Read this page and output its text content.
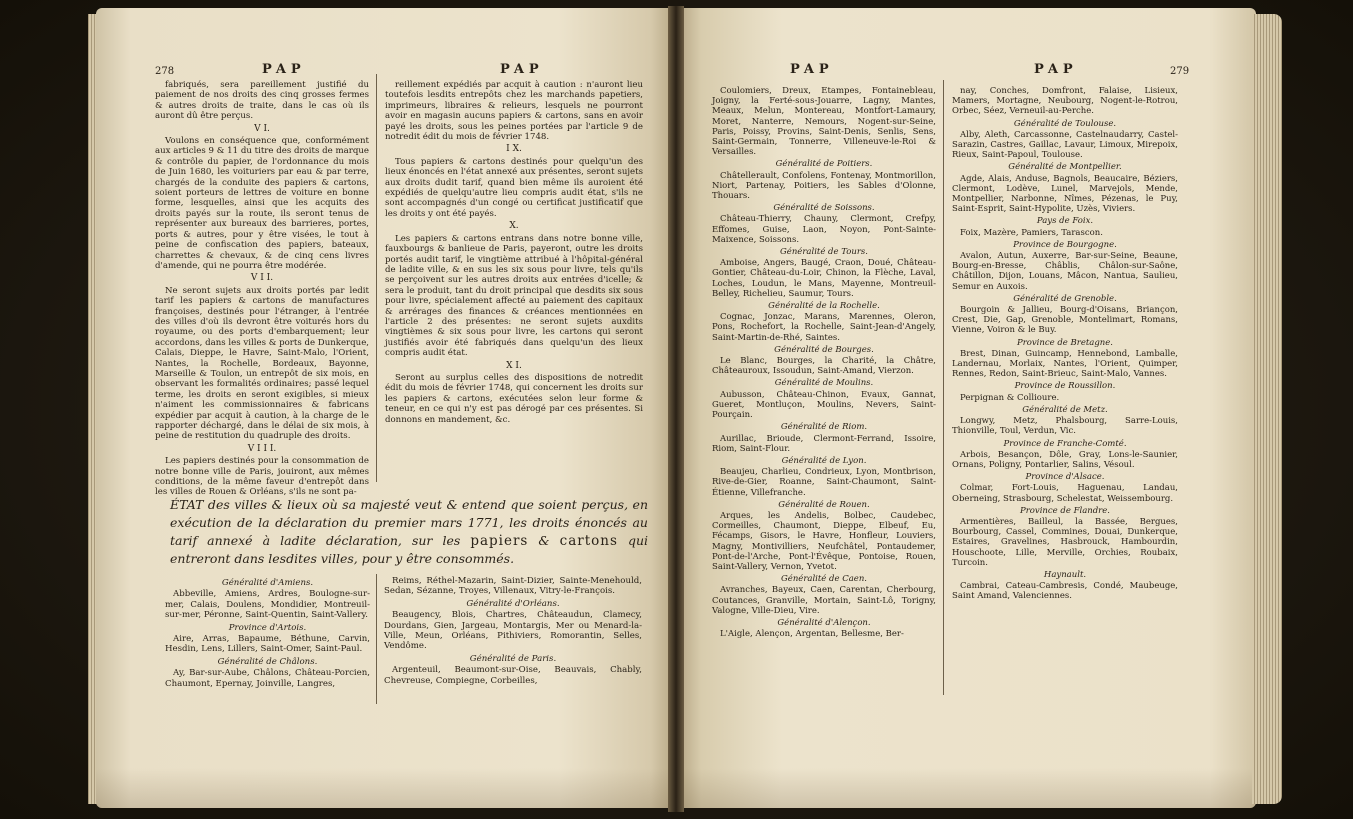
278	PAP	PAP

fabriqués, sera pareillement justifié du paiement de nos droits des cinq grosses fermes & autres droits de traite, dans le cas où ils auront dû être perçus.

V I.

Voulons en conséquence que, conformément aux articles 9 & 11 du titre des droits de marque & contrôle du papier, de l'ordonnance du mois de Juin 1680, les voituriers par eau & par terre, chargés de la conduite des papiers & cartons, soient porteurs de lettres de voiture en bonne forme, lesquelles, ainsi que les acquits des droits payés sur la route, ils seront tenus de représenter aux bureaux des barrieres, portes, ports & autres, pour y être visées, le tout à peine de confiscation des papiers, bateaux, charrettes & chevaux, & de cinq cens livres d'amende, qui ne pourra être modérée.

V I I.

Ne seront sujets aux droits portés par ledit tarif les papiers & cartons de manufactures françoises, destinés pour l'étranger, à l'entrée des villes d'où ils devront être voiturés hors du royaume, ou des ports d'embarquement; leur accordons, dans les villes & ports de Dunkerque, Calais, Dieppe, le Havre, Saint-Malo, l'Orient, Nantes, la Rochelle, Bordeaux, Bayonne, Marseille & Toulon, un entrepôt de six mois, en observant les formalités ordinaires; passé lequel terme, les droits en seront exigibles, si mieux n'aiment les commissionnaires & fabricans expédier par acquit à caution, à la charge de le rapporter déchargé, dans le délai de six mois, à peine de restitution du quadruple des droits.

V I I I.

Les papiers destinés pour la consommation de notre bonne ville de Paris, jouiront, aux mêmes conditions, de la même faveur d'entrepôt dans les villes de Rouen & Orléans, s'ils ne sont pa-

reillement expédiés par acquit à caution : n'auront lieu toutefois lesdits entrepôts chez les marchands papetiers, imprimeurs, libraires & relieurs, lesquels ne pourront avoir en magasin aucuns papiers & cartons, sans en avoir payé les droits, sous les peines portées par l'article 9 de notredit édit du mois de février 1748.

I X.

Tous papiers & cartons destinés pour quelqu'un des lieux énoncés en l'état annexé aux présentes, seront sujets aux droits dudit tarif, quand bien même ils auroient été expédiés de quelqu'autre lieu compris audit état, s'ils ne sont accompagnés d'un congé ou certificat justificatif que les droits y ont été payés.

X.

Les papiers & cartons entrans dans notre bonne ville, fauxbourgs & banlieue de Paris, payeront, outre les droits portés audit tarif, le vingtième attribué à l'hôpital-général de ladite ville, & en sus les six sous pour livre, tels qu'ils se perçoivent sur les autres droits aux entrées d'icelle; & sera le produit, tant du droit principal que desdits six sous pour livre, spécialement affecté au paiement des capitaux & arrérages des finances & créances mentionnées en l'article 2 des présentes: ne seront sujets auxdits vingtièmes & six sous pour livre, les cartons qui seront justifiés avoir été fabriqués dans quelqu'un des lieux compris audit état.

X I.

Seront au surplus celles des dispositions de notredit édit du mois de février 1748, qui concernent les droits sur les papiers & cartons, exécutées selon leur forme & teneur, en ce qui n'y est pas dérogé par ces présentes. Si donnons en mandement, &c.

ÉTAT des villes & lieux où sa majesté veut & entend que soient perçus, en exécution de la déclaration du premier mars 1771, les droits énoncés au tarif annexé à ladite déclaration, sur les papiers & cartons qui entreront dans lesdites villes, pour y être consommés.

Généralité d'Amiens.

Abbeville, Amiens, Ardres, Boulogne-sur-mer, Calais, Doulens, Mondidier, Montreuil-sur-mer, Péronne, Saint-Quentin, Saint-Vallery.

Province d'Artois.

Aire, Arras, Bapaume, Béthune, Carvin, Hesdin, Lens, Lillers, Saint-Omer, Saint-Paul.

Généralité de Châlons.

Ay, Bar-sur-Aube, Châlons, Château-Porcien, Chaumont, Epernay, Joinville, Langres,

Reims, Réthel-Mazarin, Saint-Dizier, Sainte-Menehould, Sedan, Sézanne, Troyes, Villenaux, Vitry-le-François.

Généralité d'Orléans.

Beaugency, Blois, Chartres, Châteaudun, Clamecy, Dourdans, Gien, Jargeau, Montargis, Mer ou Menard-la-Ville, Meun, Orléans, Pithiviers, Romorantin, Selles, Vendôme.

Généralité de Paris.

Argenteuil, Beaumont-sur-Oise, Beauvais, Chably, Chevreuse, Compiegne, Corbeilles,

PAP	PAP	279

Coulomiers, Dreux, Etampes, Fontainebleau, Joigny, la Ferté-sous-Jouarre, Lagny, Mantes, Meaux, Melun, Montereau, Montfort-Lamaury, Moret, Nanterre, Nemours, Nogent-sur-Seine, Paris, Poissy, Provins, Saint-Denis, Senlis, Sens, Saint-Germain, Tonnerre, Villeneuve-le-Roi & Versailles.

Généralité de Poitiers.

Châtellerault, Confolens, Fontenay, Montmorillon, Niort, Partenay, Poitiers, les Sables d'Olonne, Thouars.

Généralité de Soissons.

Château-Thierry, Chauny, Clermont, Crefpy, Effomes, Guise, Laon, Noyon, Pont-Sainte-Maixence, Soissons.

Généralité de Tours.

Amboise, Angers, Baugé, Craon, Doué, Château-Gontier, Château-du-Loir, Chinon, la Flèche, Laval, Loches, Loudun, le Mans, Mayenne, Montreuil-Belley, Richelieu, Saumur, Tours.

Généralité de la Rochelle.

Cognac, Jonzac, Marans, Marennes, Oleron, Pons, Rochefort, la Rochelle, Saint-Jean-d'Angely, Saint-Martin-de-Rhé, Saintes.

Généralité de Bourges.

Le Blanc, Bourges, la Charité, la Châtre, Châteauroux, Issoudun, Saint-Amand, Vierzon.

Généralité de Moulins.

Aubusson, Château-Chinon, Evaux, Gannat, Gueret, Montluçon, Moulins, Nevers, Saint-Pourçain.

Généralité de Riom.

Aurillac, Brioude, Clermont-Ferrand, Issoire, Riom, Saint-Flour.

Généralité de Lyon.

Beaujeu, Charlieu, Condrieux, Lyon, Montbrison, Rive-de-Gier, Roanne, Saint-Chaumont, Saint-Étienne, Villefranche.

Généralité de Rouen.

Arques, les Andelis, Bolbec, Caudebec, Cormeilles, Chaumont, Dieppe, Elbeuf, Eu, Fécamps, Gisors, le Havre, Honfleur, Louviers, Magny, Montivilliers, Neufchâtel, Pontaudemer, Pont-de-l'Arche, Pont-l'Évêque, Pontoise, Rouen, Saint-Vallery, Vernon, Yvetot.

Généralité de Caen.

Avranches, Bayeux, Caen, Carentan, Cherbourg, Coutances, Granville, Mortain, Saint-Lô, Torigny, Valogne, Ville-Dieu, Vire.

Généralité d'Alençon.

L'Aigle, Alençon, Argentan, Bellesme, Ber-

nay, Conches, Domfront, Falaise, Lisieux, Mamers, Mortagne, Neubourg, Nogent-le-Rotrou, Orbec, Séez, Verneuil-au-Perche.

Généralité de Toulouse.

Alby, Aleth, Carcassonne, Castelnaudarry, Castel-Sarazin, Castres, Gaillac, Lavaur, Limoux, Mirepoix, Rieux, Saint-Papoul, Toulouse.

Généralité de Montpellier.

Agde, Alais, Anduse, Bagnols, Beaucaire, Béziers, Clermont, Lodève, Lunel, Marvejols, Mende, Montpellier, Narbonne, Nîmes, Pézenas, le Puy, Saint-Esprit, Saint-Hypolite, Uzès, Viviers.

Pays de Foix.

Foix, Mazère, Pamiers, Tarascon.

Province de Bourgogne.

Avalon, Autun, Auxerre, Bar-sur-Seine, Beaune, Bourg-en-Bresse, Châblis, Châlon-sur-Saône, Châtillon, Dijon, Louans, Mâcon, Nantua, Saulieu, Semur en Auxois.

Généralité de Grenoble.

Bourgoin & Jallieu, Bourg-d'Oisans, Briançon, Crest, Die, Gap, Grenoble, Montelimart, Romans, Vienne, Voiron & le Buy.

Province de Bretagne.

Brest, Dinan, Guincamp, Hennebond, Lamballe, Landernau, Morlaix, Nantes, l'Orient, Quimper, Rennes, Redon, Saint-Brieuc, Saint-Malo, Vannes.

Province de Roussillon.

Perpignan & Collioure.

Généralité de Metz.

Longwy, Metz, Phalsbourg, Sarre-Louis, Thionville, Toul, Verdun, Vic.

Province de Franche-Comté.

Arbois, Besançon, Dôle, Gray, Lons-le-Saunier, Ornans, Poligny, Pontarlier, Salins, Vésoul.

Province d'Alsace.

Colmar, Fort-Louis, Haguenau, Landau, Oberneing, Strasbourg, Schelestat, Weissembourg.

Province de Flandre.

Armentières, Bailleul, la Bassée, Bergues, Bourbourg, Cassel, Commines, Douai, Dunkerque, Estaires, Gravelines, Hasbrouck, Hambourdin, Houschoote, Lille, Merville, Orchies, Roubaix, Turcoin.

Haynault.

Cambrai, Cateau-Cambresis, Condé, Maubeuge, Saint Amand, Valenciennes.
